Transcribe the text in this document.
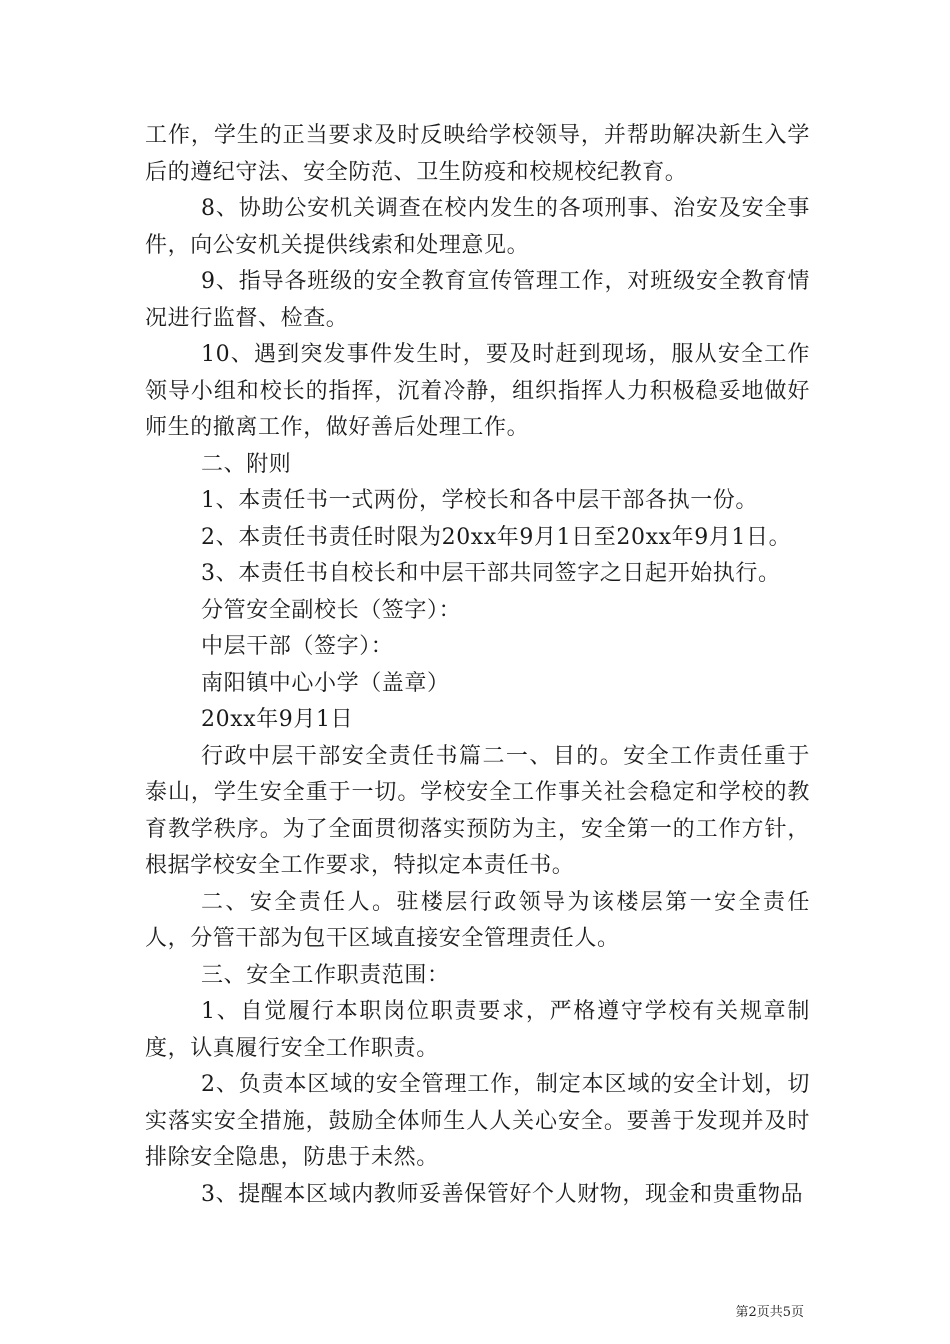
工作，学生的正当要求及时反映给学校领导，并帮助解决新生入学后的遵纪守法、安全防范、卫生防疫和校规校纪教育。

8、协助公安机关调查在校内发生的各项刑事、治安及安全事件，向公安机关提供线索和处理意见。

9、指导各班级的安全教育宣传管理工作，对班级安全教育情况进行监督、检查。

10、遇到突发事件发生时，要及时赶到现场，服从安全工作领导小组和校长的指挥，沉着冷静，组织指挥人力积极稳妥地做好师生的撤离工作，做好善后处理工作。

二、附则

1、本责任书一式两份，学校长和各中层干部各执一份。

2、本责任书责任时限为20xx年9月1日至20xx年9月1日。

3、本责任书自校长和中层干部共同签字之日起开始执行。

分管安全副校长（签字）：

中层干部（签字）：

南阳镇中心小学（盖章）

20xx年9月1日

行政中层干部安全责任书篇二一、目的。安全工作责任重于泰山，学生安全重于一切。学校安全工作事关社会稳定和学校的教育教学秩序。为了全面贯彻落实预防为主，安全第一的工作方针，根据学校安全工作要求，特拟定本责任书。

二、安全责任人。驻楼层行政领导为该楼层第一安全责任人，分管干部为包干区域直接安全管理责任人。

三、安全工作职责范围：

1、自觉履行本职岗位职责要求，严格遵守学校有关规章制度，认真履行安全工作职责。

2、负责本区域的安全管理工作，制定本区域的安全计划，切实落实安全措施，鼓励全体师生人人关心安全。要善于发现并及时排除安全隐患，防患于未然。

3、提醒本区域内教师妥善保管好个人财物，现金和贵重物品

第2页共5页
